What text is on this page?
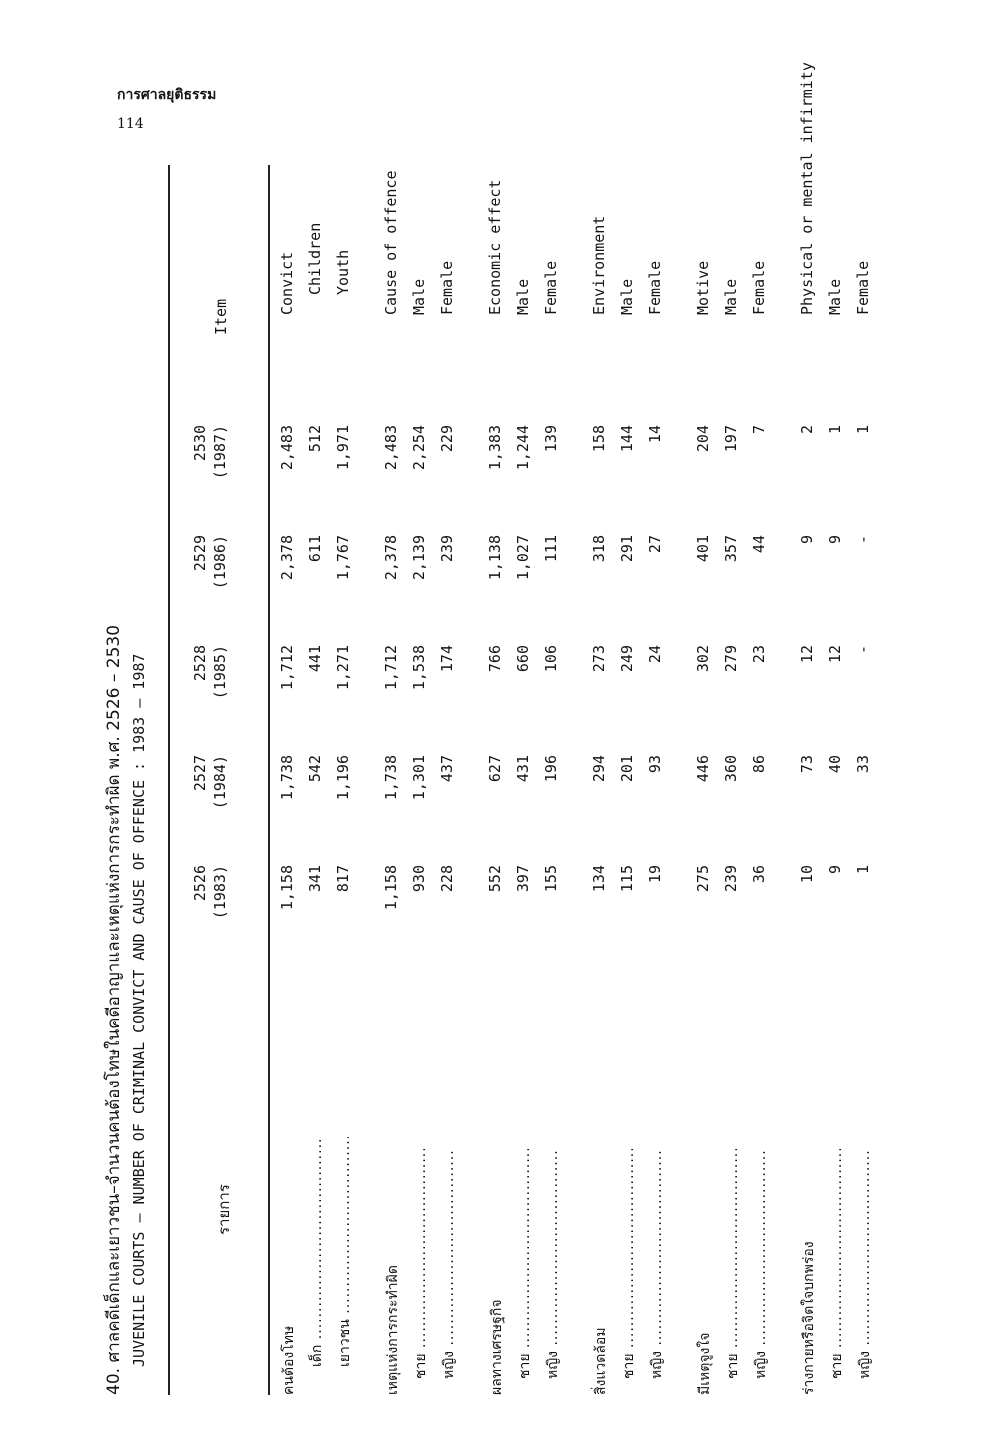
การศาลยุติธรรม
114
40. ศาลคดีเด็กและเยาวชน–จำนวนคนต้องโทษในคดีอาญาและเหตุแห่งการกระทำผิด พ.ศ. 2526 – 2530 JUVENILE COURTS – NUMBER OF CRIMINAL CONVICT AND CAUSE OF OFFENCE : 1983 – 1987	รายการ
2526 (1983)
2527 (1984)
2528 (1985)
2529 (1986)
2530 (1987)
Item
คนต้องโทษ
1,158
1,738
1,712
2,378
2,483
Convict
เด็ก .....
341
542
441
611
512
Children
เยาวชน .....
817
1,196
1,271
1,767
1,971
Youth
เหตุแห่งการกระทำผิด
1,158
1,738
1,712
2,378
2,483
Cause of offence
ชาย .....
930
1,301
1,538
2,139
2,254
Male
หญิง .....
228
437
174
239
229
Female
ผลทางเศรษฐกิจ
552
627
766
1,138
1,383
Economic effect
ชาย .....
397
431
660
1,027
1,244
Male
หญิง .....
155
196
106
111
139
Female
สิ่งแวดล้อม
134
294
273
318
158
Environment
ชาย .....
115
201
249
291
144
Male
หญิง .....
19
93
24
27
14
Female
มีเหตุจูงใจ
275
446
302
401
204
Motive
ชาย .....
239
360
279
357
197
Male
หญิง .....
36
86
23
44
7
Female
ร่างกายหรือจิตใจบกพร่อง
10
73
12
9
2
Physical or mental infirmity
ชาย .....
9
40
12
9
1
Male
หญิง .....
1
33
-
-
1
Female
